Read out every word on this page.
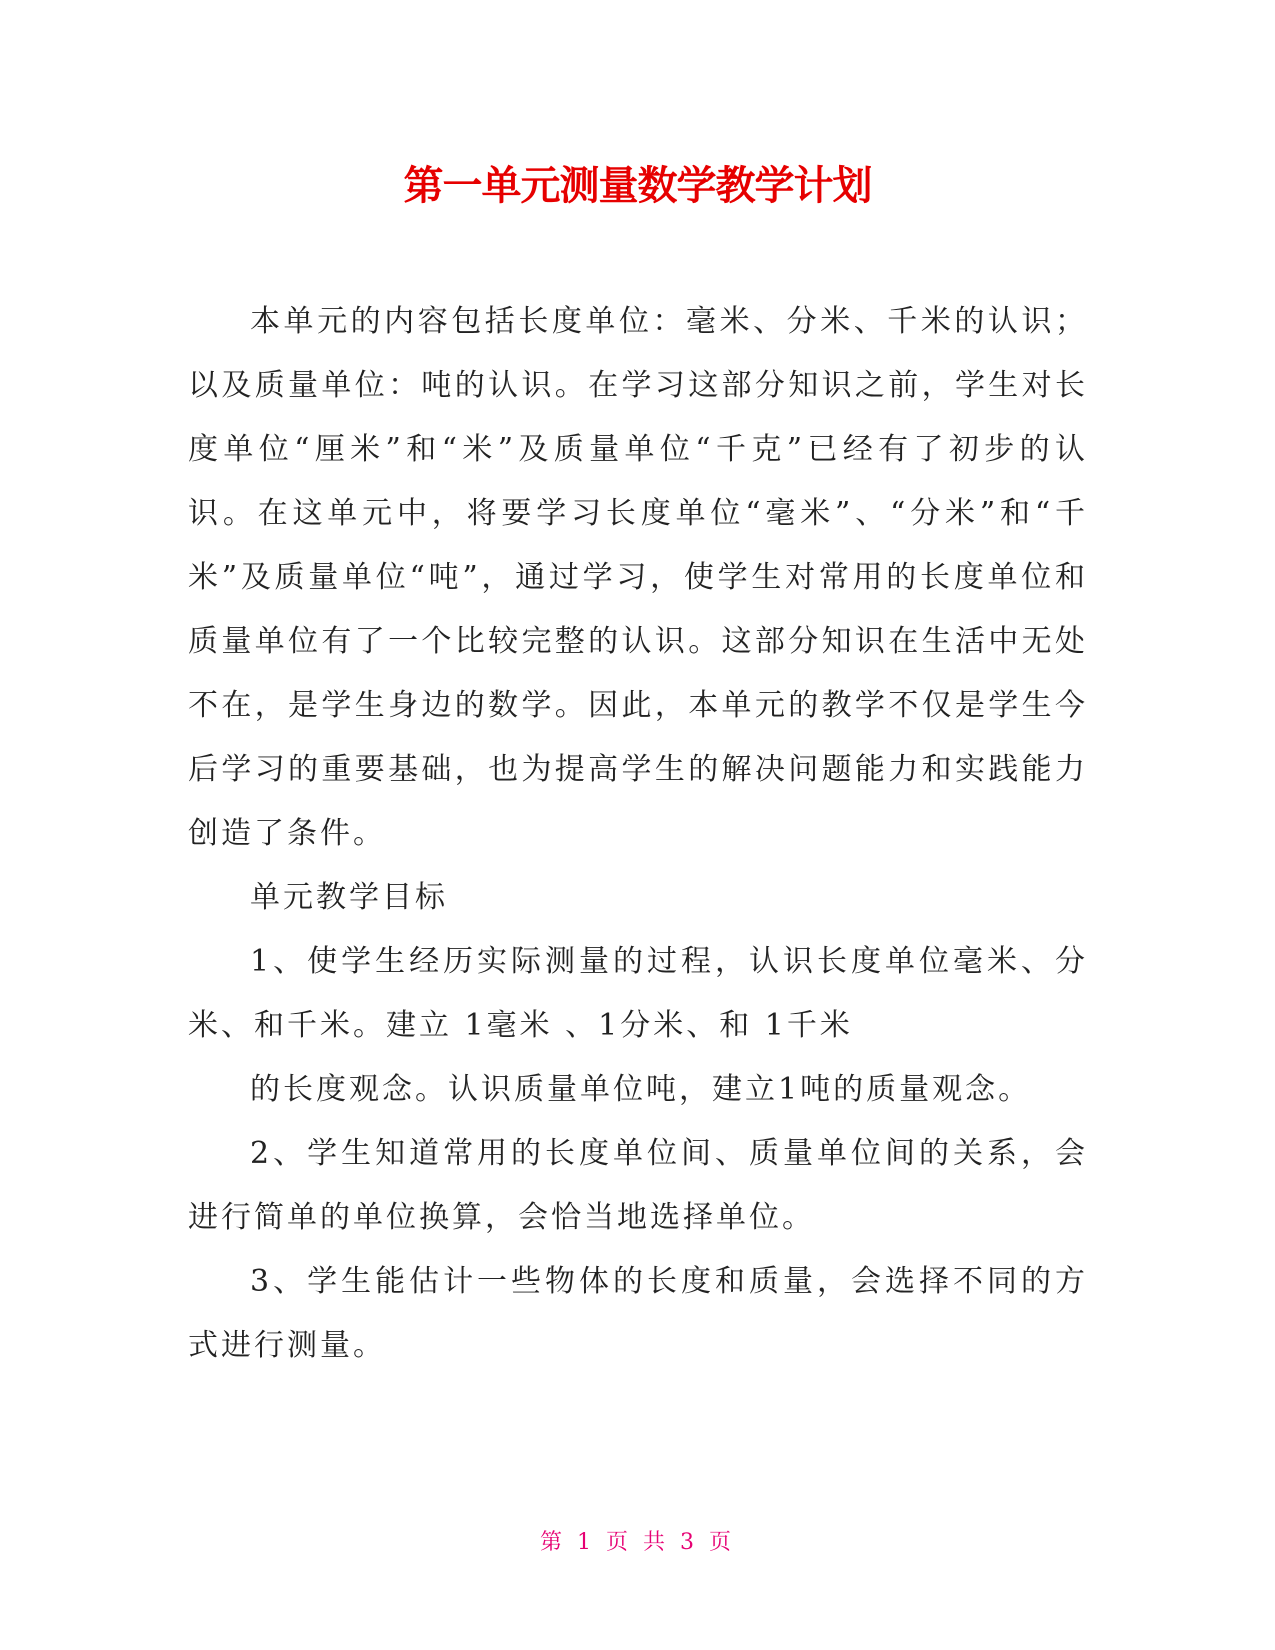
第一单元测量数学教学计划

本单元的内容包括长度单位：毫米、分米、千米的认识；以及质量单位：吨的认识。在学习这部分知识之前，学生对长度单位“厘米”和“米”及质量单位“千克”已经有了初步的认识。在这单元中，将要学习长度单位“毫米”、“分米”和“千米”及质量单位“吨”，通过学习，使学生对常用的长度单位和质量单位有了一个比较完整的认识。这部分知识在生活中无处不在，是学生身边的数学。因此，本单元的教学不仅是学生今后学习的重要基础，也为提高学生的解决问题能力和实践能力创造了条件。

单元教学目标

1、使学生经历实际测量的过程，认识长度单位毫米、分米、和千米。建立 1毫米 、1分米、和 1千米
的长度观念。认识质量单位吨，建立1吨的质量观念。

2、学生知道常用的长度单位间、质量单位间的关系，会进行简单的单位换算，会恰当地选择单位。

3、学生能估计一些物体的长度和质量，会选择不同的方式进行测量。

第 1 页 共 3 页
